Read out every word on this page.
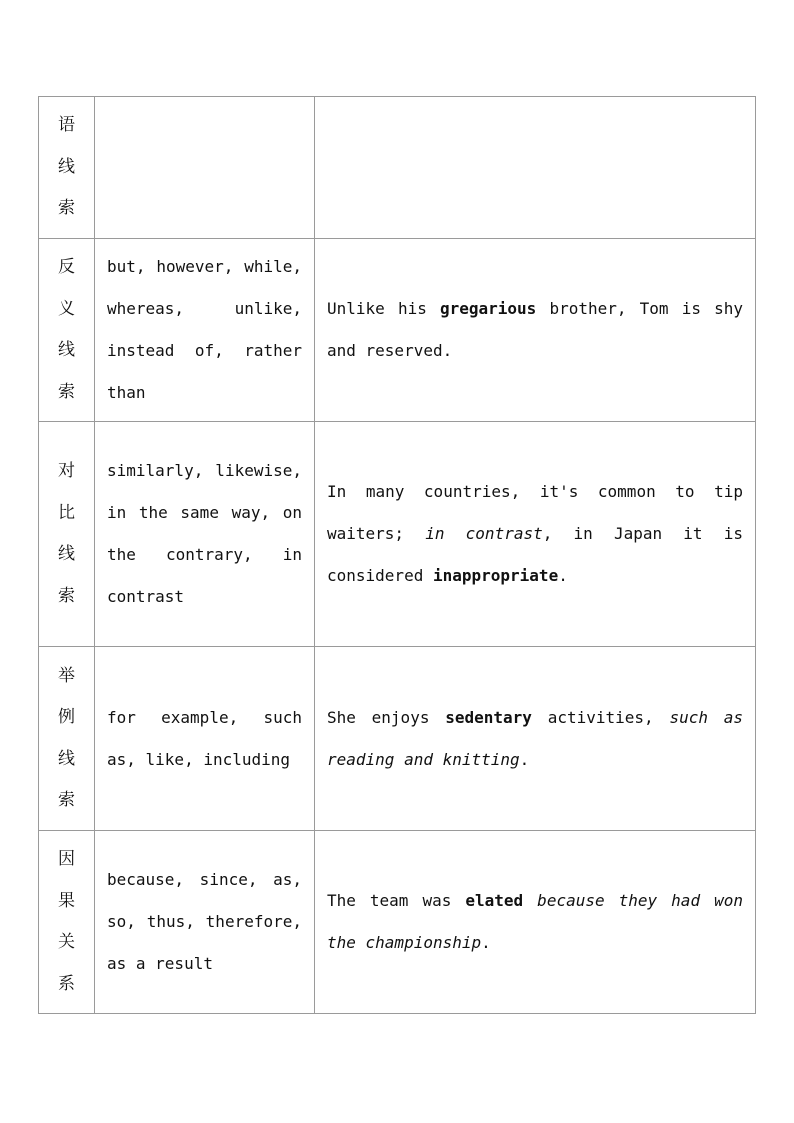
语
线
索		

反
义
线
索	but, however, while, whereas, unlike, instead of, rather than	Unlike his gregarious brother, Tom is shy and reserved.

对
比
线
索	similarly, likewise, in the same way, on the contrary, in contrast	In many countries, it's common to tip waiters; in contrast, in Japan it is considered inappropriate.

举
例
线
索	for example, such as, like, including	She enjoys sedentary activities, such as reading and knitting.

因
果
关
系	because, since, as, so, thus, therefore, as a result	The team was elated because they had won the championship.
